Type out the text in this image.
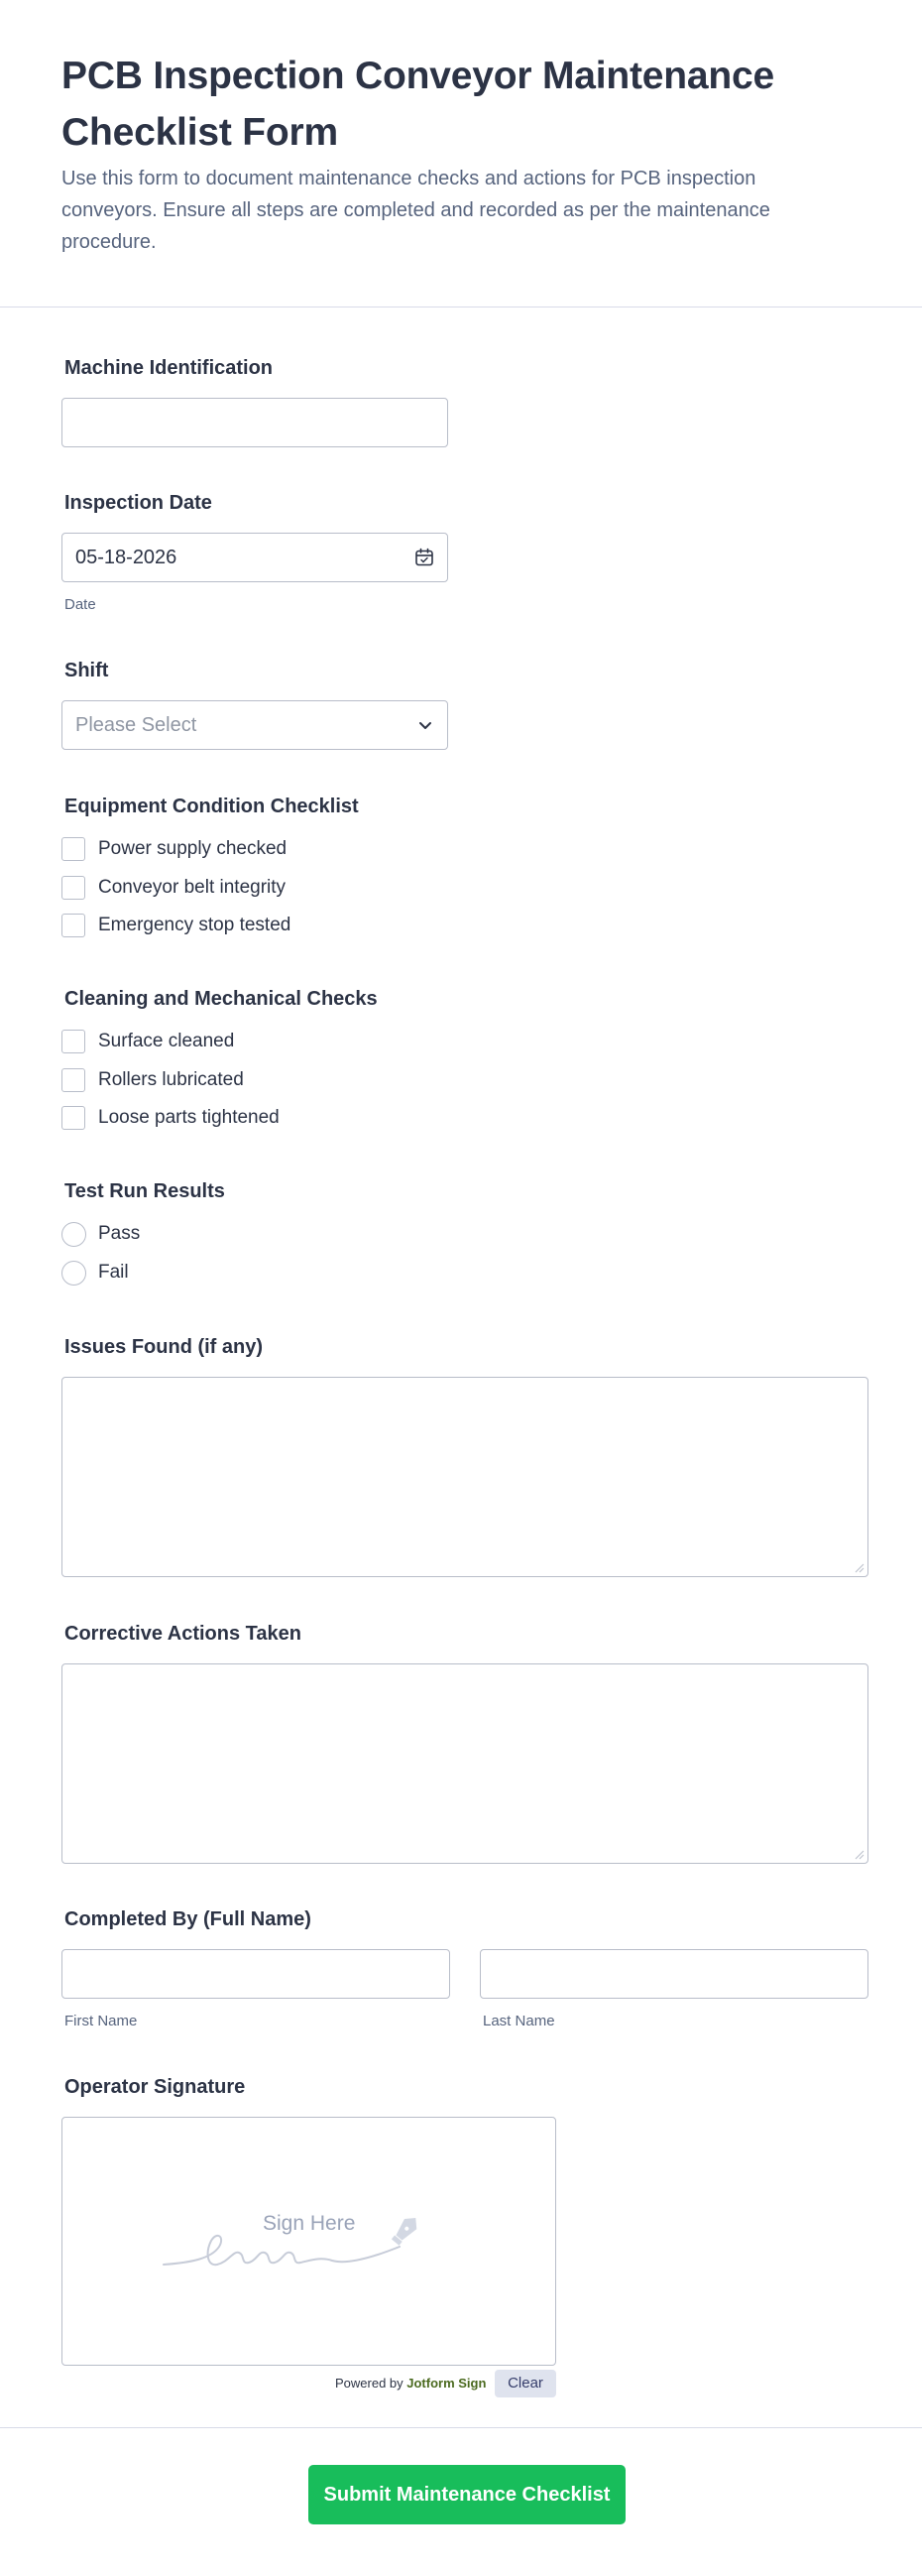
PCB Inspection Conveyor Maintenance Checklist Form
Use this form to document maintenance checks and actions for PCB inspection conveyors. Ensure all steps are completed and recorded as per the maintenance procedure.
Machine Identification
Inspection Date
05-18-2026
Date
Shift
Please Select
Equipment Condition Checklist
Power supply checked
Conveyor belt integrity
Emergency stop tested
Cleaning and Mechanical Checks
Surface cleaned
Rollers lubricated
Loose parts tightened
Test Run Results
Pass
Fail
Issues Found (if any)
Corrective Actions Taken
Completed By (Full Name)
First Name	Last Name
Operator Signature
Sign Here
Powered by Jotform Sign	Clear
Submit Maintenance Checklist
